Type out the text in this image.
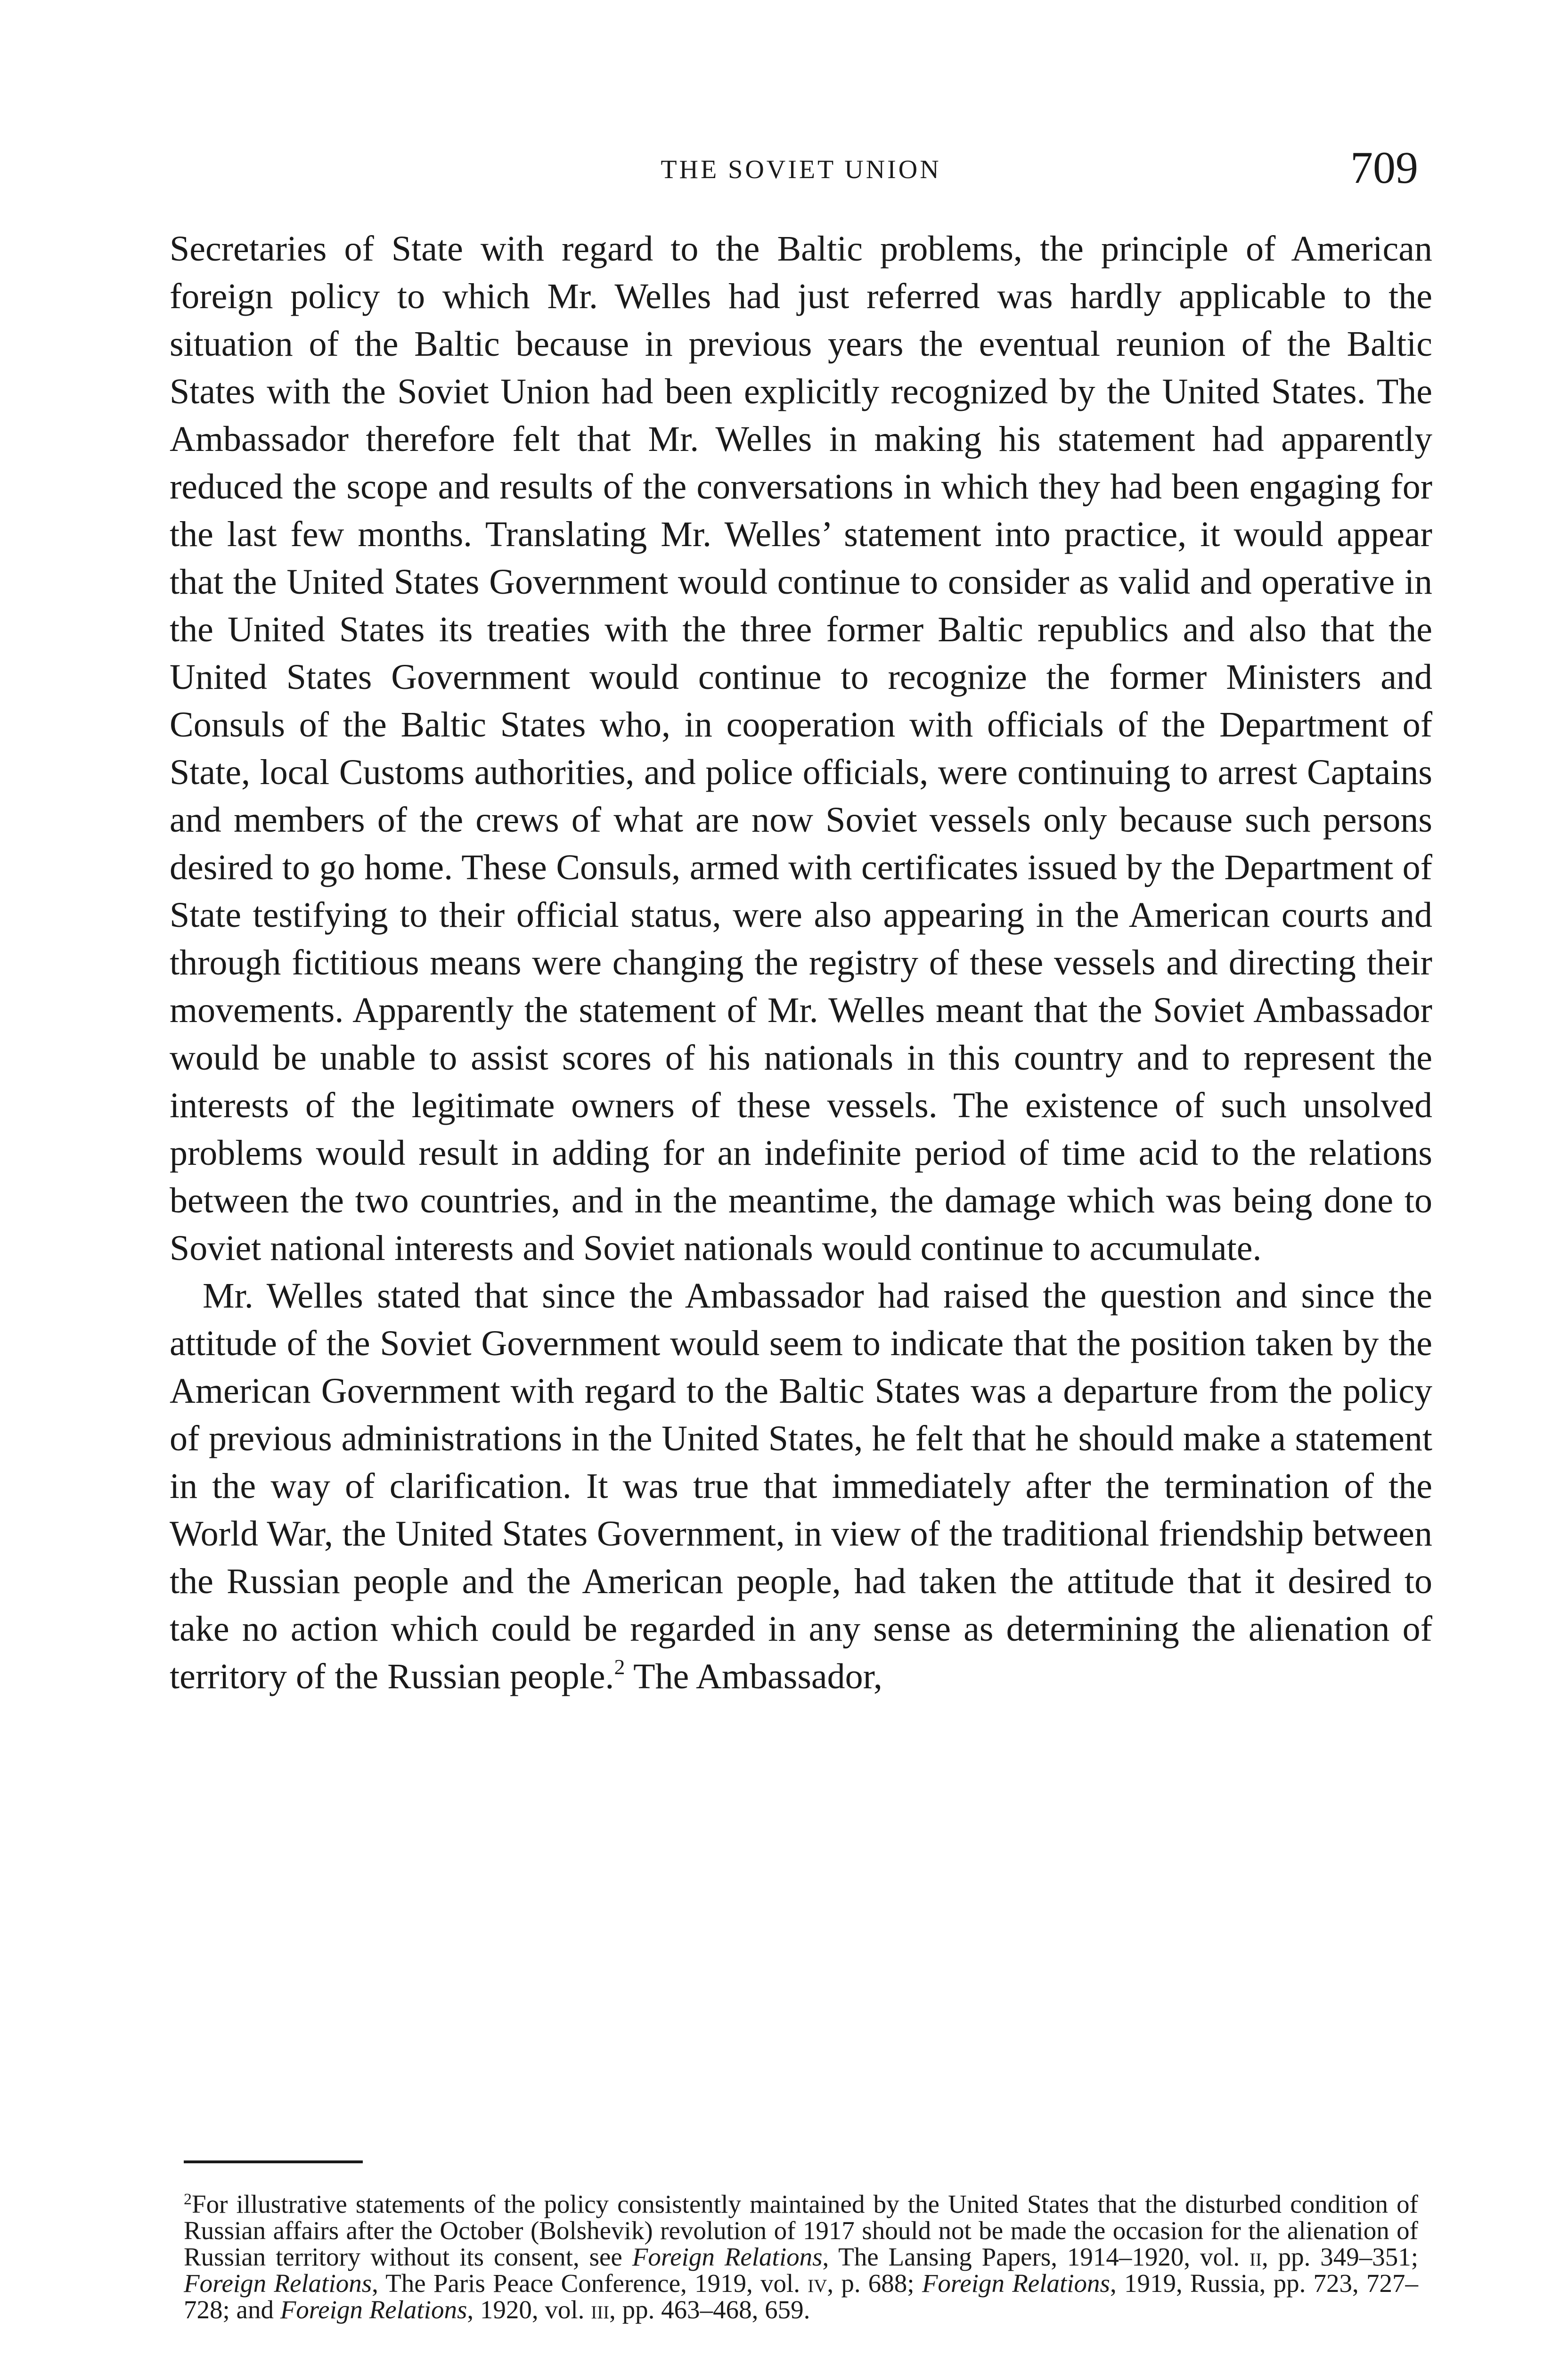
THE SOVIET UNION	709

Secretaries of State with regard to the Baltic problems, the principle of American foreign policy to which Mr. Welles had just referred was hardly applicable to the situation of the Baltic because in previous years the eventual reunion of the Baltic States with the Soviet Union had been explicitly recognized by the United States. The Ambassador therefore felt that Mr. Welles in making his statement had apparently reduced the scope and results of the conversations in which they had been engaging for the last few months. Translating Mr. Welles’ statement into practice, it would appear that the United States Government would continue to consider as valid and operative in the United States its treaties with the three former Baltic republics and also that the United States Government would continue to recognize the former Ministers and Consuls of the Baltic States who, in cooperation with officials of the Department of State, local Customs authorities, and police officials, were continuing to arrest Captains and members of the crews of what are now Soviet vessels only because such persons desired to go home. These Consuls, armed with certificates issued by the Department of State testifying to their official status, were also appearing in the American courts and through fictitious means were changing the registry of these vessels and directing their movements. Apparently the statement of Mr. Welles meant that the Soviet Ambassador would be unable to assist scores of his nationals in this country and to represent the interests of the legitimate owners of these vessels. The existence of such unsolved problems would result in adding for an indefinite period of time acid to the relations between the two countries, and in the meantime, the damage which was being done to Soviet national interests and Soviet nationals would continue to accumulate.

Mr. Welles stated that since the Ambassador had raised the question and since the attitude of the Soviet Government would seem to indicate that the position taken by the American Government with regard to the Baltic States was a departure from the policy of previous administrations in the United States, he felt that he should make a statement in the way of clarification. It was true that immediately after the termination of the World War, the United States Government, in view of the traditional friendship between the Russian people and the American people, had taken the attitude that it desired to take no action which could be regarded in any sense as determining the alienation of territory of the Russian people.$^2$ The Ambassador,

$^2$For illustrative statements of the policy consistently maintained by the United States that the disturbed condition of Russian affairs after the October (Bolshevik) revolution of 1917 should not be made the occasion for the alienation of Russian territory without its consent, see Foreign Relations, The Lansing Papers, 1914–1920, vol. ii, pp. 349–351; Foreign Relations, The Paris Peace Conference, 1919, vol. iv, p. 688; Foreign Relations, 1919, Russia, pp. 723, 727–728; and Foreign Relations, 1920, vol. iii, pp. 463–468, 659.
